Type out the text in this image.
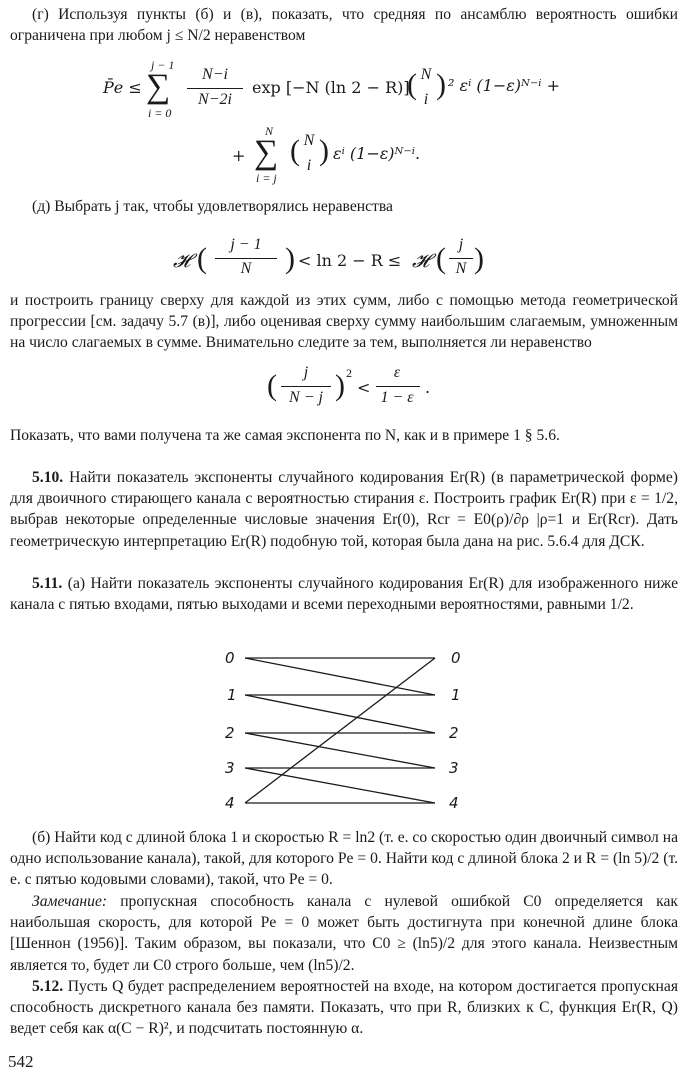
(г) Используя пункты (б) и (в), показать, что средняя по ансамблю вероятность ошибки ограничена при любом j ≤ N/2 неравенством

P̄e ≤
j − 1
∑
i = 0
N−i
N−2i
exp [−N (ln 2 − R)]
( N
i ) ² εⁱ (1−ε)ᴺ⁻ⁱ +
+
N
∑
i = j
( N
i ) εⁱ (1−ε)ᴺ⁻ⁱ.

(д) Выбрать j так, чтобы удовлетворялись неравенства

𝓗 (	j − 1
N	) < ln 2 − R ≤ 𝓗 ( j
N )

и построить границу сверху для каждой из этих сумм, либо с помощью метода геометрической прогрессии [см. задачу 5.7 (в)], либо оценивая сверху сумму наибольшим слагаемым, умноженным на число слагаемых в сумме. Внимательно следите за тем, выполняется ли неравенство

(	j
N − j ) 2
<
ε
1 − ε
.

Показать, что вами получена та же самая экспонента по N, как и в примере 1 § 5.6.

5.10. Найти показатель экспоненты случайного кодирования Er(R) (в параметрической форме) для двоичного стирающего канала с вероятностью стирания ε. Построить график Er(R) при ε = 1/2, выбрав некоторые определенные числовые значения Er(0), Rcr = E0(ρ)/∂ρ |ρ=1 и Er(Rcr). Дать геометрическую интерпретацию Er(R) подобную той, которая была дана на рис. 5.6.4 для ДСК.

5.11. (а) Найти показатель экспоненты случайного кодирования Er(R) для изображенного ниже канала с пятью входами, пятью выходами и всеми переходными вероятностями, равными 1/2.

0
1
2
3
4
0
1
2
3
4

(б) Найти код с длиной блока 1 и скоростью R = ln2 (т. е. со скоростью один двоичный символ на одно использование канала), такой, для которого Pe = 0. Найти код с длиной блока 2 и R = (ln 5)/2 (т. е. с пятью кодовыми словами), такой, что Pe = 0.

Замечание: пропускная способность канала с нулевой ошибкой C0 определяется как наибольшая скорость, для которой Pe = 0 может быть достигнута при конечной длине блока [Шеннон (1956)]. Таким образом, вы показали, что C0 ≥ (ln5)/2 для этого канала. Неизвестным является то, будет ли C0 строго больше, чем (ln5)/2.

5.12. Пусть Q будет распределением вероятностей на входе, на котором достигается пропускная способность дискретного канала без памяти. Показать, что при R, близких к C, функция Er(R, Q) ведет себя как α(C − R)², и подсчитать постоянную α.

542
